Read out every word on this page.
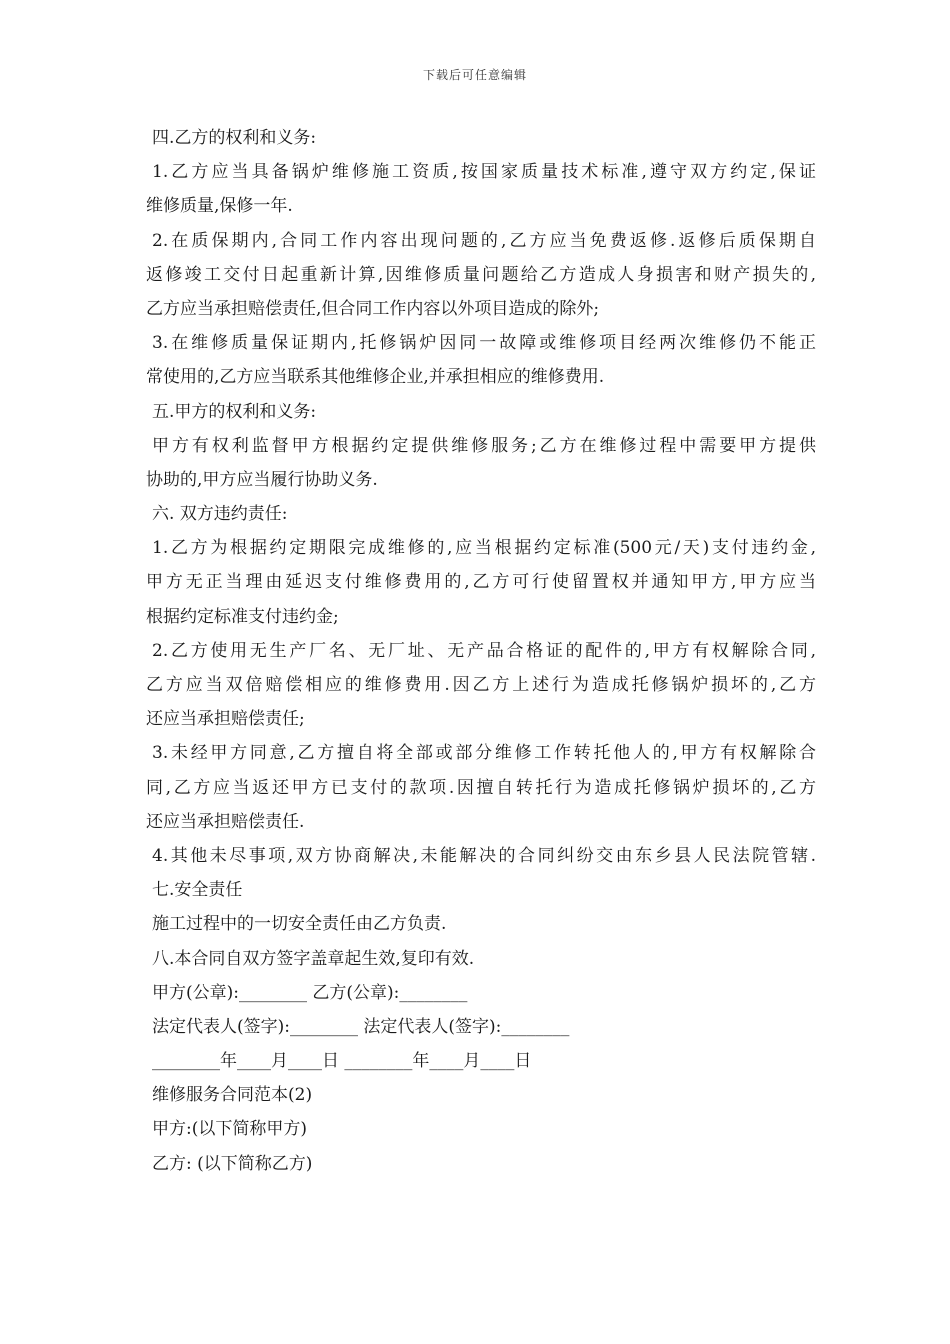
下载后可任意编辑
四.乙方的权利和义务:
1.乙方应当具备锅炉维修施工资质,按国家质量技术标准,遵守双方约定,保证
维修质量,保修一年.
2.在质保期内,合同工作内容出现问题的,乙方应当免费返修.返修后质保期自
返修竣工交付日起重新计算,因维修质量问题给乙方造成人身损害和财产损失的,
乙方应当承担赔偿责任,但合同工作内容以外项目造成的除外;
3.在维修质量保证期内,托修锅炉因同一故障或维修项目经两次维修仍不能正
常使用的,乙方应当联系其他维修企业,并承担相应的维修费用.
五.甲方的权利和义务:
甲方有权利监督甲方根据约定提供维修服务;乙方在维修过程中需要甲方提供
协助的,甲方应当履行协助义务.
六. 双方违约责任:
1.乙方为根据约定期限完成维修的,应当根据约定标准(500元/天)支付违约金,
甲方无正当理由延迟支付维修费用的,乙方可行使留置权并通知甲方,甲方应当
根据约定标准支付违约金;
2.乙方使用无生产厂名、无厂址、无产品合格证的配件的,甲方有权解除合同,
乙方应当双倍赔偿相应的维修费用.因乙方上述行为造成托修锅炉损坏的,乙方
还应当承担赔偿责任;
3.未经甲方同意,乙方擅自将全部或部分维修工作转托他人的,甲方有权解除合
同,乙方应当返还甲方已支付的款项.因擅自转托行为造成托修锅炉损坏的,乙方
还应当承担赔偿责任.
4.其他未尽事项,双方协商解决,未能解决的合同纠纷交由东乡县人民法院管辖.
七.安全责任
施工过程中的一切安全责任由乙方负责.
八.本合同自双方签字盖章起生效,复印有效.
甲方(公章):________ 乙方(公章):________
法定代表人(签字):________ 法定代表人(签字):________
________年____月____日 ________年____月____日
维修服务合同范本(2)
甲方:(以下简称甲方)
乙方: (以下简称乙方)
